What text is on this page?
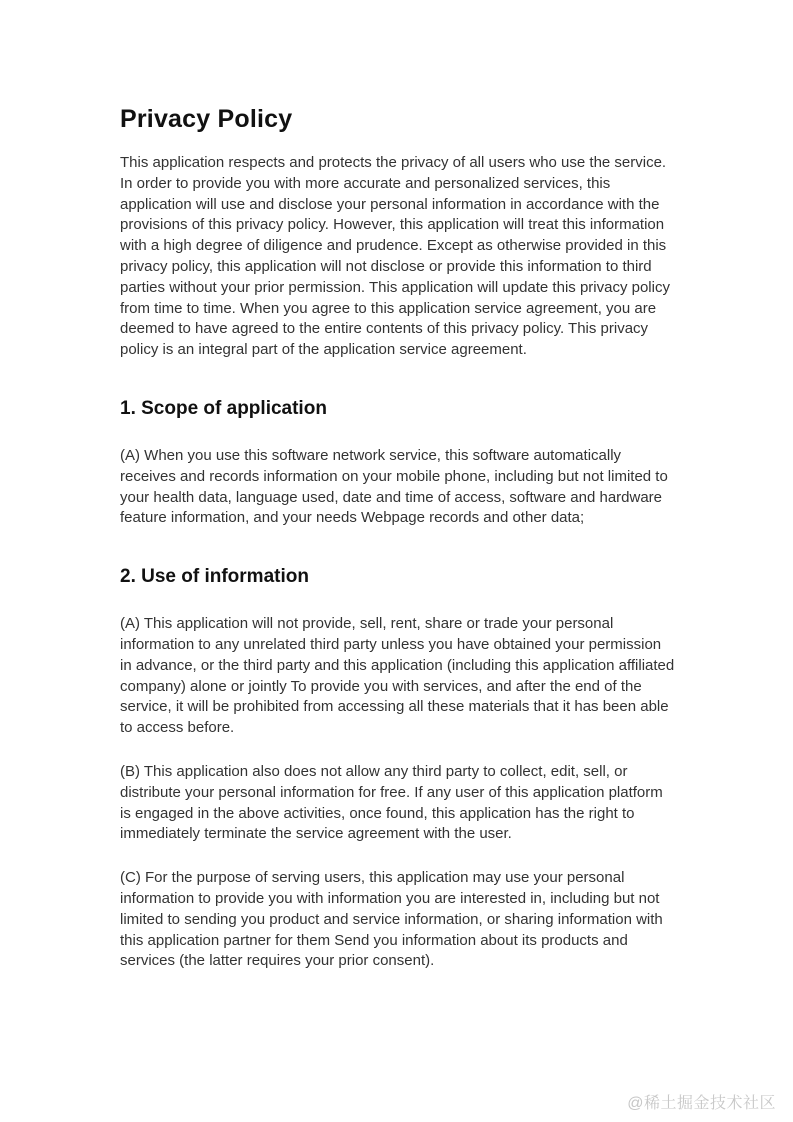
Privacy Policy

This application respects and protects the privacy of all users who use the service. In order to provide you with more accurate and personalized services, this application will use and disclose your personal information in accordance with the provisions of this privacy policy. However, this application will treat this information with a high degree of diligence and prudence. Except as otherwise provided in this privacy policy, this application will not disclose or provide this information to third parties without your prior permission. This application will update this privacy policy from time to time. When you agree to this application service agreement, you are deemed to have agreed to the entire contents of this privacy policy. This privacy policy is an integral part of the application service agreement.

1. Scope of application

(A) When you use this software network service, this software automatically receives and records information on your mobile phone, including but not limited to your health data, language used, date and time of access, software and hardware feature information, and your needs Webpage records and other data;

2. Use of information

(A) This application will not provide, sell, rent, share or trade your personal information to any unrelated third party unless you have obtained your permission in advance, or the third party and this application (including this application affiliated company) alone or jointly To provide you with services, and after the end of the service, it will be prohibited from accessing all these materials that it has been able to access before.

(B) This application also does not allow any third party to collect, edit, sell, or distribute your personal information for free. If any user of this application platform is engaged in the above activities, once found, this application has the right to immediately terminate the service agreement with the user.

(C) For the purpose of serving users, this application may use your personal information to provide you with information you are interested in, including but not limited to sending you product and service information, or sharing information with this application partner for them Send you information about its products and services (the latter requires your prior consent).

@稀土掘金技术社区
